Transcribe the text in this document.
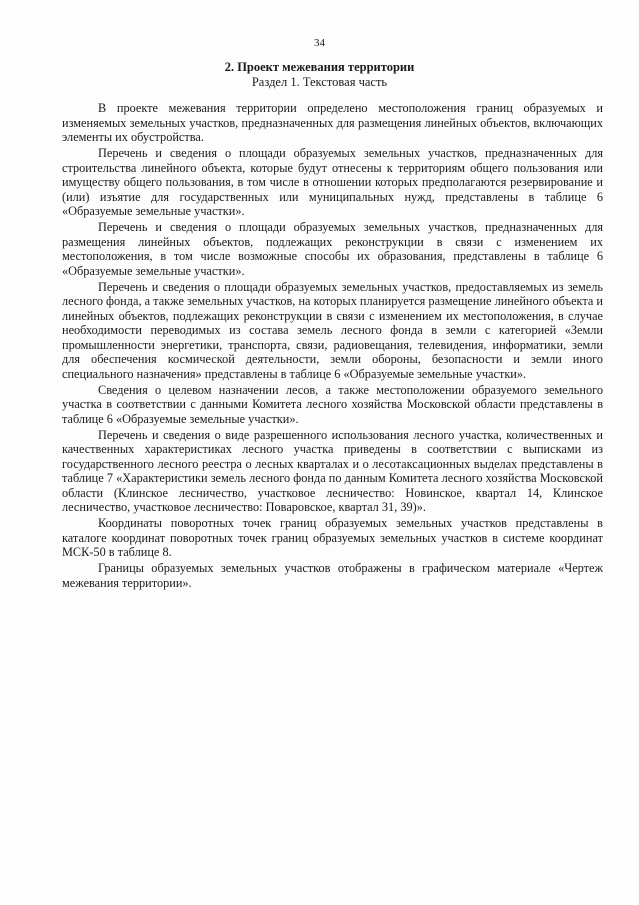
34
2. Проект межевания территории
Раздел 1. Текстовая часть

В проекте межевания территории определено местоположения границ образуемых и изменяемых земельных участков, предназначенных для размещения линейных объектов, включающих элементы их обустройства.

Перечень и сведения о площади образуемых земельных участков, предназначенных для строительства линейного объекта, которые будут отнесены к территориям общего пользования или имуществу общего пользования, в том числе в отношении которых предполагаются резервирование и (или) изъятие для государственных или муниципальных нужд, представлены в таблице 6 «Образуемые земельные участки».

Перечень и сведения о площади образуемых земельных участков, предназначенных для размещения линейных объектов, подлежащих реконструкции в связи с изменением их местоположения, в том числе возможные способы их образования, представлены в таблице 6 «Образуемые земельные участки».

Перечень и сведения о площади образуемых земельных участков, предоставляемых из земель лесного фонда, а также земельных участков, на которых планируется размещение линейного объекта и линейных объектов, подлежащих реконструкции в связи с изменением их местоположения, в случае необходимости переводимых из состава земель лесного фонда в земли с категорией «Земли промышленности энергетики, транспорта, связи, радиовещания, телевидения, информатики, земли для обеспечения космической деятельности, земли обороны, безопасности и земли иного специального назначения» представлены в таблице 6 «Образуемые земельные участки».

Сведения о целевом назначении лесов, а также местоположении образуемого земельного участка в соответствии с данными Комитета лесного хозяйства Московской области представлены в таблице 6 «Образуемые земельные участки».

Перечень и сведения о виде разрешенного использования лесного участка, количественных и качественных характеристиках лесного участка приведены в соответствии с выписками из государственного лесного реестра о лесных кварталах и о лесотаксационных выделах представлены в таблице 7 «Характеристики земель лесного фонда по данным Комитета лесного хозяйства Московской области (Клинское лесничество, участковое лесничество: Новинское, квартал 14, Клинское лесничество, участковое лесничество: Поваровское, квартал 31, 39)».

Координаты поворотных точек границ образуемых земельных участков представлены в каталоге координат поворотных точек границ образуемых земельных участков в системе координат МСК-50 в таблице 8.

Границы образуемых земельных участков отображены в графическом материале «Чертеж межевания территории».
